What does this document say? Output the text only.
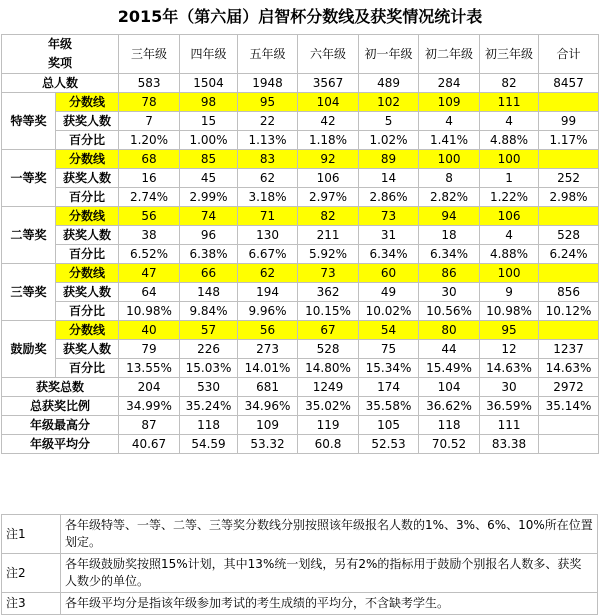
2015年（第六届）启智杯分数线及获奖情况统计表
年级
奖项		三年级	四年级	五年级	六年级	初一年级	初二年级	初三年级	合计
总人数		583	1504	1948	3567	489	284	82	8457
特等奖	分数线	78	98	95	104	102	109	111	
	获奖人数	7	15	22	42	5	4	4	99
	百分比	1.20%	1.00%	1.13%	1.18%	1.02%	1.41%	4.88%	1.17%
一等奖	分数线	68	85	83	92	89	100	100	
	获奖人数	16	45	62	106	14	8	1	252
	百分比	2.74%	2.99%	3.18%	2.97%	2.86%	2.82%	1.22%	2.98%
二等奖	分数线	56	74	71	82	73	94	106	
	获奖人数	38	96	130	211	31	18	4	528
	百分比	6.52%	6.38%	6.67%	5.92%	6.34%	6.34%	4.88%	6.24%
三等奖	分数线	47	66	62	73	60	86	100	
	获奖人数	64	148	194	362	49	30	9	856
	百分比	10.98%	9.84%	9.96%	10.15%	10.02%	10.56%	10.98%	10.12%
鼓励奖	分数线	40	57	56	67	54	80	95	
	获奖人数	79	226	273	528	75	44	12	1237
	百分比	13.55%	15.03%	14.01%	14.80%	15.34%	15.49%	14.63%	14.63%
获奖总数		204	530	681	1249	174	104	30	2972
总获奖比例		34.99%	35.24%	34.96%	35.02%	35.58%	36.62%	36.59%	35.14%
年级最高分		87	118	109	119	105	118	111	
年级平均分		40.67	54.59	53.32	60.8	52.53	70.52	83.38	
注1	各年级特等、一等、二等、三等奖分数线分别按照该年级报名人数的1%、3%、6%、10%所在位置划定。
注2	各年级鼓励奖按照15%计划，其中13%统一划线，另有2%的指标用于鼓励个别报名人数多、获奖人数少的单位。
注3	各年级平均分是指该年级参加考试的考生成绩的平均分，不含缺考学生。
